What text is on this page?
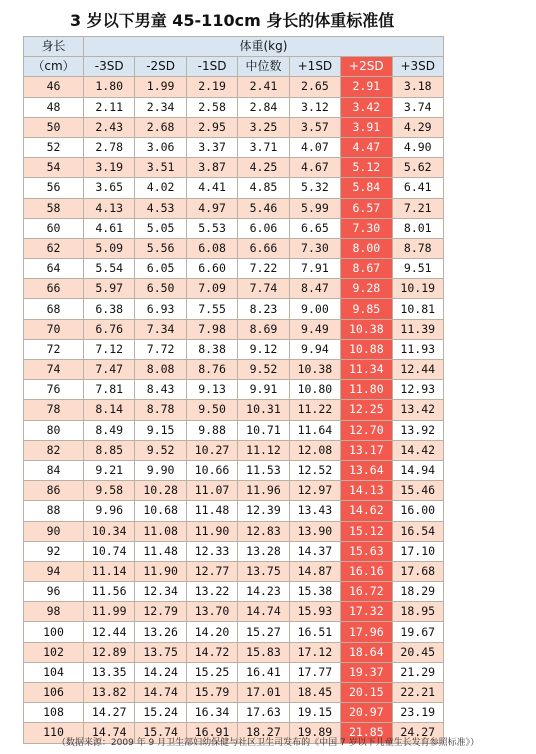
3 岁以下男童 45-110cm 身长的体重标准值
身长	体重(kg)						
（cm）	-3SD	-2SD	-1SD	中位数	+1SD	+2SD	+3SD
46	1.80	1.99	2.19	2.41	2.65	2.91	3.18
48	2.11	2.34	2.58	2.84	3.12	3.42	3.74
50	2.43	2.68	2.95	3.25	3.57	3.91	4.29
52	2.78	3.06	3.37	3.71	4.07	4.47	4.90
54	3.19	3.51	3.87	4.25	4.67	5.12	5.62
56	3.65	4.02	4.41	4.85	5.32	5.84	6.41
58	4.13	4.53	4.97	5.46	5.99	6.57	7.21
60	4.61	5.05	5.53	6.06	6.65	7.30	8.01
62	5.09	5.56	6.08	6.66	7.30	8.00	8.78
64	5.54	6.05	6.60	7.22	7.91	8.67	9.51
66	5.97	6.50	7.09	7.74	8.47	9.28	10.19
68	6.38	6.93	7.55	8.23	9.00	9.85	10.81
70	6.76	7.34	7.98	8.69	9.49	10.38	11.39
72	7.12	7.72	8.38	9.12	9.94	10.88	11.93
74	7.47	8.08	8.76	9.52	10.38	11.34	12.44
76	7.81	8.43	9.13	9.91	10.80	11.80	12.93
78	8.14	8.78	9.50	10.31	11.22	12.25	13.42
80	8.49	9.15	9.88	10.71	11.64	12.70	13.92
82	8.85	9.52	10.27	11.12	12.08	13.17	14.42
84	9.21	9.90	10.66	11.53	12.52	13.64	14.94
86	9.58	10.28	11.07	11.96	12.97	14.13	15.46
88	9.96	10.68	11.48	12.39	13.43	14.62	16.00
90	10.34	11.08	11.90	12.83	13.90	15.12	16.54
92	10.74	11.48	12.33	13.28	14.37	15.63	17.10
94	11.14	11.90	12.77	13.75	14.87	16.16	17.68
96	11.56	12.34	13.22	14.23	15.38	16.72	18.29
98	11.99	12.79	13.70	14.74	15.93	17.32	18.95
100	12.44	13.26	14.20	15.27	16.51	17.96	19.67
102	12.89	13.75	14.72	15.83	17.12	18.64	20.45
104	13.35	14.24	15.25	16.41	17.77	19.37	21.29
106	13.82	14.74	15.79	17.01	18.45	20.15	22.21
108	14.27	15.24	16.34	17.63	19.15	20.97	23.19
110	14.74	15.74	16.91	18.27	19.89	21.85	24.27
（数据来源：2009 年 9 月卫生部妇幼保健与社区卫生司发布的《中国 7 岁以下儿童生长发育参照标准》）
